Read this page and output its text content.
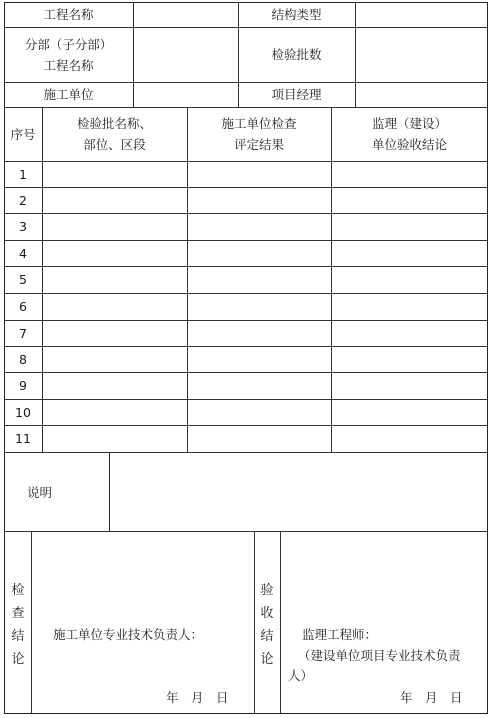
工程名称	结构类型
分部（子分部）
工程名称
检验批数
施工单位	项目经理
序号
检验批名称、
部位、区段
施工单位检查
评定结果
监理（建设）
单位验收结论
1
2
3
4
5
6
7
8
9
10
11
说明
检查结论
验收结论
施工单位专业技术负责人：
年　月　日
监理工程师：
（建设单位项目专业技术负责
人）
年　月　日
